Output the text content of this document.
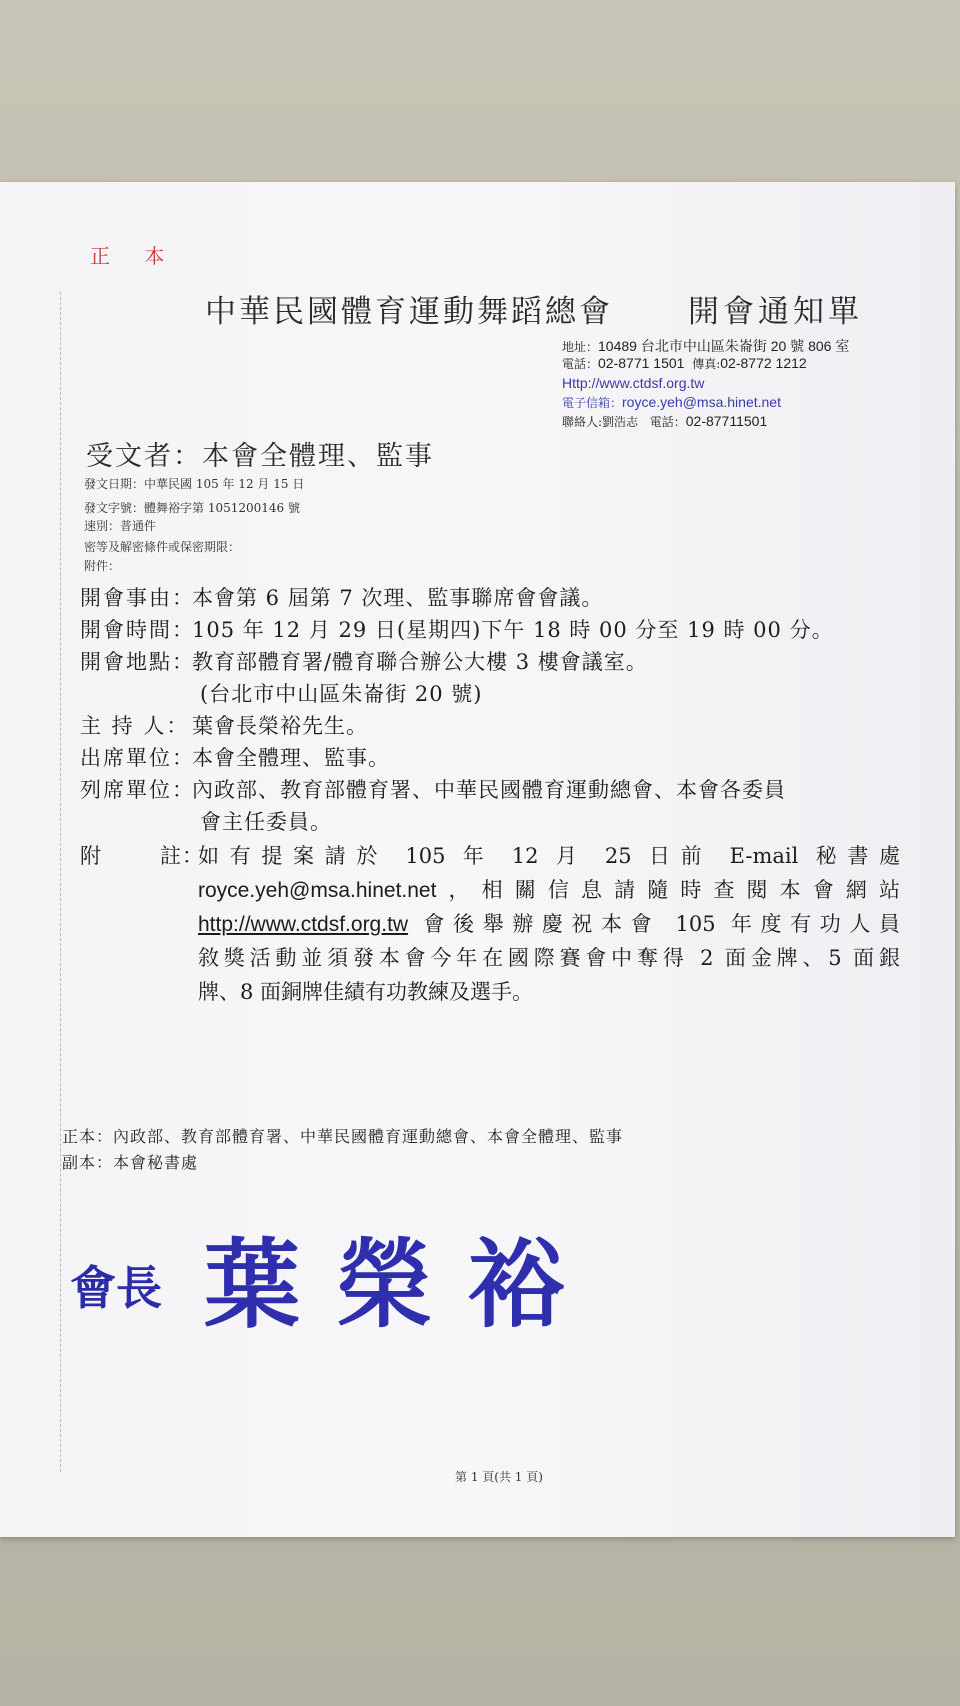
正 本
中華民國體育運動舞蹈總會 開會通知單
地址：10489 台北市中山區朱崙街 20 號 806 室
電話：02-8771 1501 傳真:02-8772 1212
Http://www.ctdsf.org.tw
電子信箱：royce.yeh@msa.hinet.net
聯絡人:劉浩志 電話：02-87711501
受文者：本會全體理、監事
發文日期：中華民國 105 年 12 月 15 日
發文字號：體舞裕字第 1051200146 號
速別：普通件
密等及解密條件或保密期限：
附件：
開會事由：本會第 6 屆第 7 次理、監事聯席會會議。
開會時間：105 年 12 月 29 日(星期四)下午 18 時 00 分至 19 時 00 分。
開會地點：教育部體育署/體育聯合辦公大樓 3 樓會議室。
(台北市中山區朱崙街 20 號)
主 持 人： 葉會長榮裕先生。
出席單位：本會全體理、監事。
列席單位：內政部、教育部體育署、中華民國體育運動總會、本會各委員
會主任委員。
附	註：
如有提案請於 105 年 12 月 25 日前 E-mail 秘書處
royce.yeh@msa.hinet.net，相關信息請隨時查閱本會網站
http://www.ctdsf.org.tw 會後舉辦慶祝本會 105 年度有功人員
敘獎活動並須發本會今年在國際賽會中奪得 2 面金牌、5 面銀
牌、8 面銅牌佳績有功教練及選手。
正本：內政部、教育部體育署、中華民國體育運動總會、本會全體理、監事
副本：本會秘書處
會長 葉榮裕
第 1 頁(共 1 頁)
